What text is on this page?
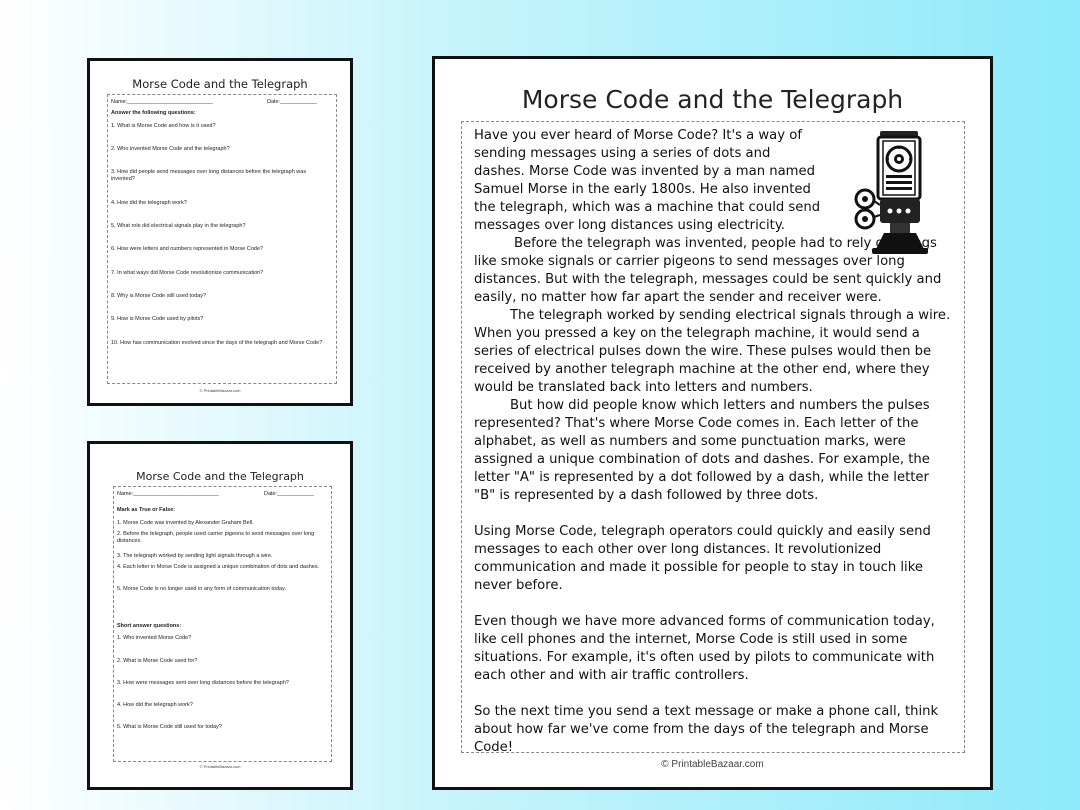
Morse Code and the Telegraph
Name:____________________________	Date:____________
Answer the following questions:
1. What is Morse Code and how is it used?
2. Who invented Morse Code and the telegraph?
3. How did people send messages over long distances before the telegraph was invented?
4. How did the telegraph work?
5. What role did electrical signals play in the telegraph?
6. How were letters and numbers represented in Morse Code?
7. In what ways did Morse Code revolutionize communication?
8. Why is Morse Code still used today?
9. How is Morse Code used by pilots?
10. How has communication evolved since the days of the telegraph and Morse Code?
© PrintableBazaar.com
Morse Code and the Telegraph
Name:____________________________	Date:____________
Mark as True or False:
1. Morse Code was invented by Alexander Graham Bell.
2. Before the telegraph, people used carrier pigeons to send messages over long distances.
3. The telegraph worked by sending light signals through a wire.
4. Each letter in Morse Code is assigned a unique combination of dots and dashes.
5. Morse Code is no longer used in any form of communication today.
Short answer questions:
1. Who invented Morse Code?
2. What is Morse Code used for?
3. How were messages sent over long distances before the telegraph?
4. How did the telegraph work?
5. What is Morse Code still used for today?
© PrintableBazaar.com
Morse Code and the Telegraph

Have you ever heard of Morse Code? It's a way of sending messages using a series of dots and dashes. Morse Code was invented by a man named Samuel Morse in the early 1800s. He also invented the telegraph, which was a machine that could send messages over long distances using electricity.

Before the telegraph was invented, people had to rely on things like smoke signals or carrier pigeons to send messages over long distances. But with the telegraph, messages could be sent quickly and easily, no matter how far apart the sender and receiver were.

The telegraph worked by sending electrical signals through a wire. When you pressed a key on the telegraph machine, it would send a series of electrical pulses down the wire. These pulses would then be received by another telegraph machine at the other end, where they would be translated back into letters and numbers.

But how did people know which letters and numbers the pulses represented? That's where Morse Code comes in. Each letter of the alphabet, as well as numbers and some punctuation marks, were assigned a unique combination of dots and dashes. For example, the letter "A" is represented by a dot followed by a dash, while the letter "B" is represented by a dash followed by three dots.

Using Morse Code, telegraph operators could quickly and easily send messages to each other over long distances. It revolutionized communication and made it possible for people to stay in touch like never before.

Even though we have more advanced forms of communication today, like cell phones and the internet, Morse Code is still used in some situations. For example, it's often used by pilots to communicate with each other and with air traffic controllers.

So the next time you send a text message or make a phone call, think about how far we've come from the days of the telegraph and Morse Code!

© PrintableBazaar.com
